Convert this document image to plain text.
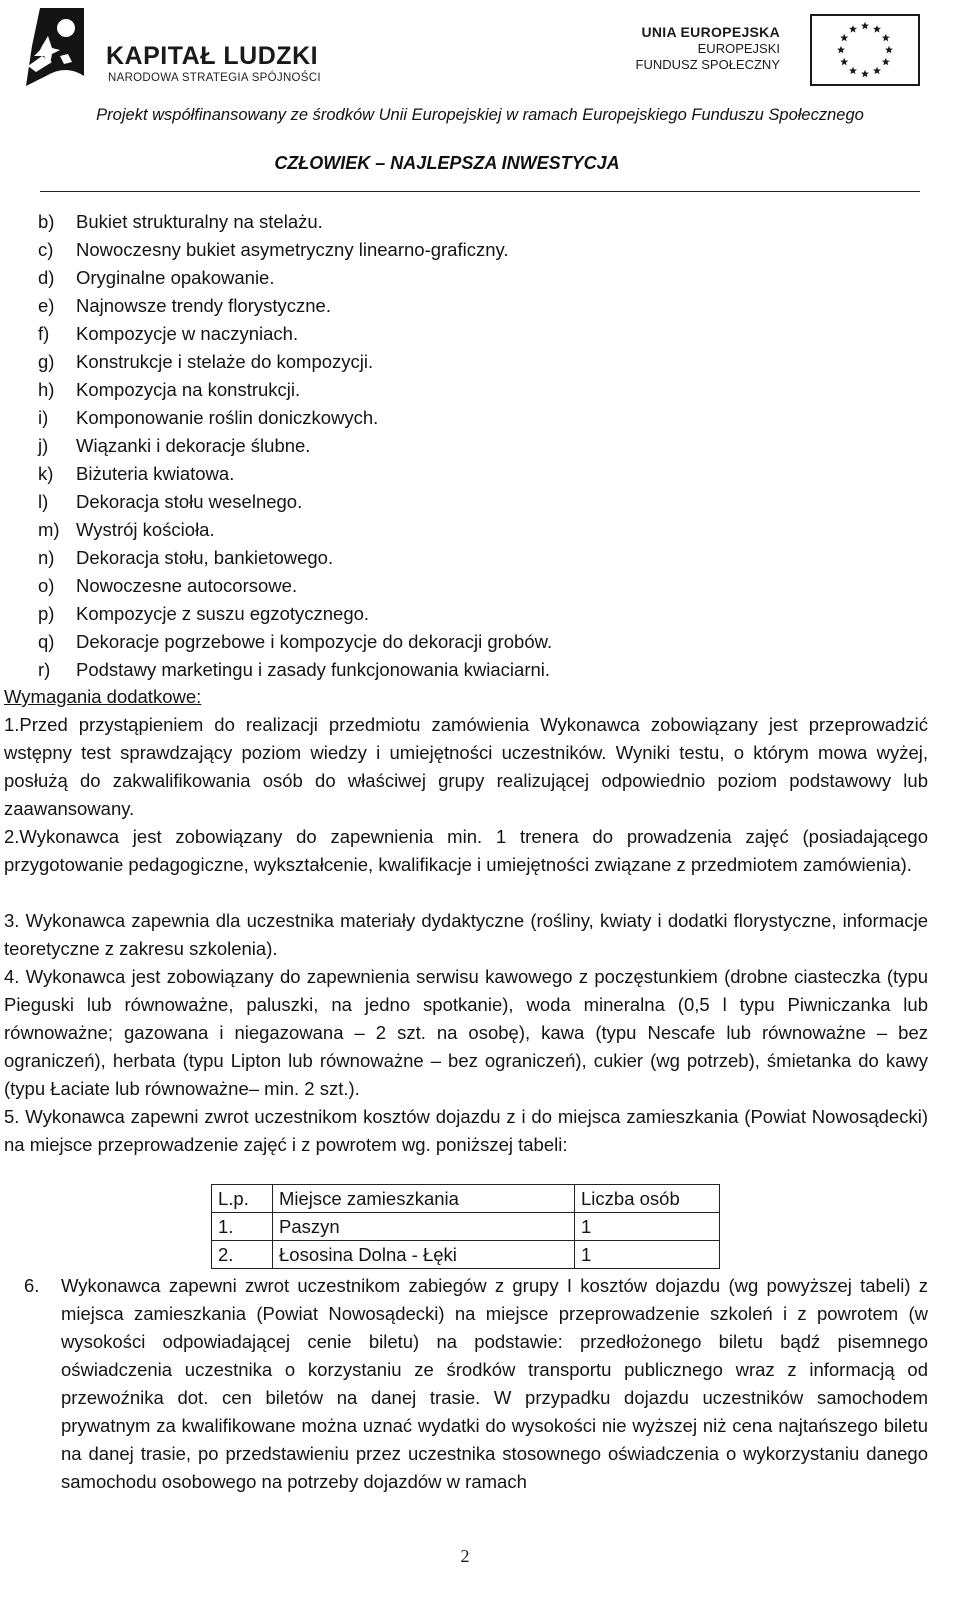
KAPITAŁ LUDZKI
NARODOWA STRATEGIA SPÓJNOŚCI
UNIA EUROPEJSKA
EUROPEJSKI
FUNDUSZ SPOŁECZNY
Projekt współfinansowany ze środków Unii Europejskiej w ramach Europejskiego Funduszu Społecznego
CZŁOWIEK – NAJLEPSZA INWESTYCJA
b)	Bukiet strukturalny na stelażu.
c)	Nowoczesny bukiet asymetryczny linearno-graficzny.
d)	Oryginalne opakowanie.
e)	Najnowsze trendy florystyczne.
f)	Kompozycje w naczyniach.
g)	Konstrukcje i stelaże do kompozycji.
h)	Kompozycja na konstrukcji.
i)	Komponowanie roślin doniczkowych.
j)	Wiązanki i dekoracje ślubne.
k)	Biżuteria kwiatowa.
l)	Dekoracja stołu weselnego.
m) Wystrój kościoła.
n)	Dekoracja stołu, bankietowego.
o)	Nowoczesne autocorsowe.
p)	Kompozycje z suszu egzotycznego.
q)	Dekoracje pogrzebowe i kompozycje do dekoracji grobów.
r)	Podstawy marketingu i zasady funkcjonowania kwiaciarni.
Wymagania dodatkowe:

1.Przed przystąpieniem do realizacji przedmiotu zamówienia Wykonawca zobowiązany jest przeprowadzić wstępny test sprawdzający poziom wiedzy i umiejętności uczestników. Wyniki testu, o którym mowa wyżej, posłużą do zakwalifikowania osób do właściwej grupy realizującej odpowiednio poziom podstawowy lub zaawansowany.

2.Wykonawca jest zobowiązany do zapewnienia min. 1 trenera do prowadzenia zajęć (posiadającego przygotowanie pedagogiczne, wykształcenie, kwalifikacje i umiejętności związane z przedmiotem zamówienia).

3. Wykonawca zapewnia dla uczestnika materiały dydaktyczne (rośliny, kwiaty i dodatki florystyczne, informacje teoretyczne z zakresu szkolenia).

4. Wykonawca jest zobowiązany do zapewnienia serwisu kawowego z poczęstunkiem (drobne ciasteczka (typu Pieguski lub równoważne, paluszki, na jedno spotkanie), woda mineralna (0,5 l typu Piwniczanka lub równoważne; gazowana i niegazowana – 2 szt. na osobę), kawa (typu Nescafe lub równoważne – bez ograniczeń), herbata (typu Lipton lub równoważne – bez ograniczeń), cukier (wg potrzeb), śmietanka do kawy (typu Łaciate lub równoważne– min. 2 szt.).

5. Wykonawca zapewni zwrot uczestnikom kosztów dojazdu z i do miejsca zamieszkania (Powiat Nowosądecki) na miejsce przeprowadzenie zajęć i z powrotem wg. poniższej tabeli:

L.p.	Miejsce zamieszkania	Liczba osób
1.	Paszyn	1
2.	Łososina Dolna - Łęki	1
6. Wykonawca zapewni zwrot uczestnikom zabiegów z grupy I kosztów dojazdu (wg powyższej tabeli) z miejsca zamieszkania (Powiat Nowosądecki) na miejsce przeprowadzenie szkoleń i z powrotem (w wysokości odpowiadającej cenie biletu) na podstawie: przedłożonego biletu bądź pisemnego oświadczenia uczestnika o korzystaniu ze środków transportu publicznego wraz z informacją od przewoźnika dot. cen biletów na danej trasie. W przypadku dojazdu uczestników samochodem prywatnym za kwalifikowane można uznać wydatki do wysokości nie wyższej niż cena najtańszego biletu na danej trasie, po przedstawieniu przez uczestnika stosownego oświadczenia o wykorzystaniu danego samochodu osobowego na potrzeby dojazdów w ramach

2
